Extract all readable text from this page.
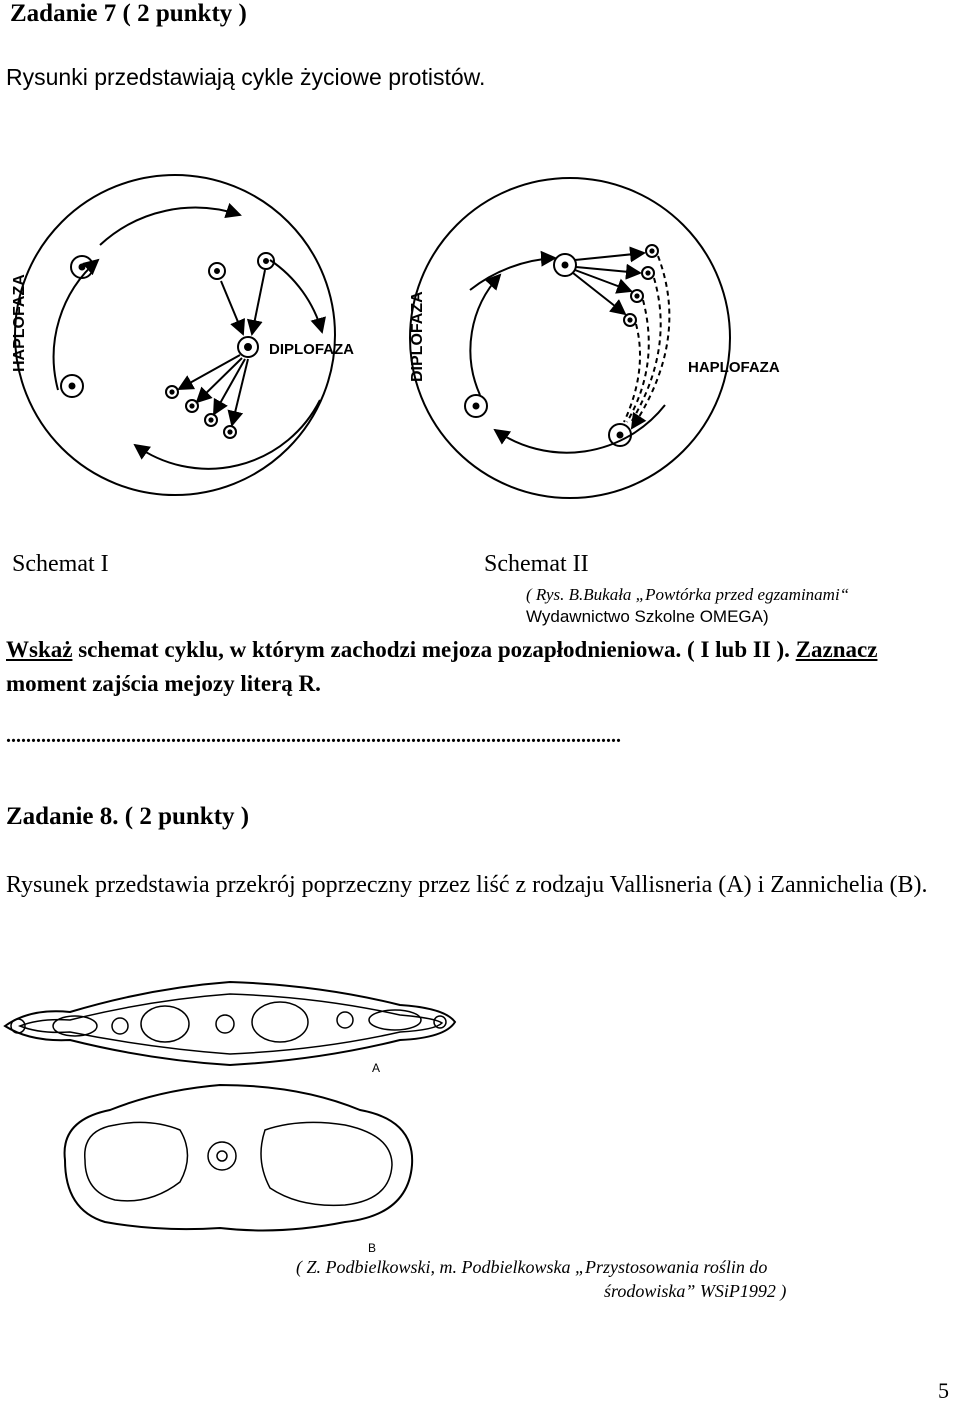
Zadanie 7 ( 2 punkty )
Rysunki przedstawiają cykle życiowe protistów.
HAPLOFAZA	DIPLOFAZA	DIPLOFAZA	HAPLOFAZA
Schemat I	Schemat II
( Rys. B.Bukała „Powtórka przed egzaminami“
Wydawnictwo Szkolne OMEGA)
Wskaż schemat cyklu, w którym zachodzi mejoza pozapłodnieniowa. ( I lub II ). Zaznacz moment zajścia mejozy literą R.
...........................................................................................................................
Zadanie 8. ( 2 punkty )
Rysunek przedstawia przekrój poprzeczny przez liść z rodzaju Vallisneria (A) i Zannichelia (B).
A
B
( Z. Podbielkowski, m. Podbielkowska „Przystosowania roślin do
środowiska” WSiP1992 )
5
